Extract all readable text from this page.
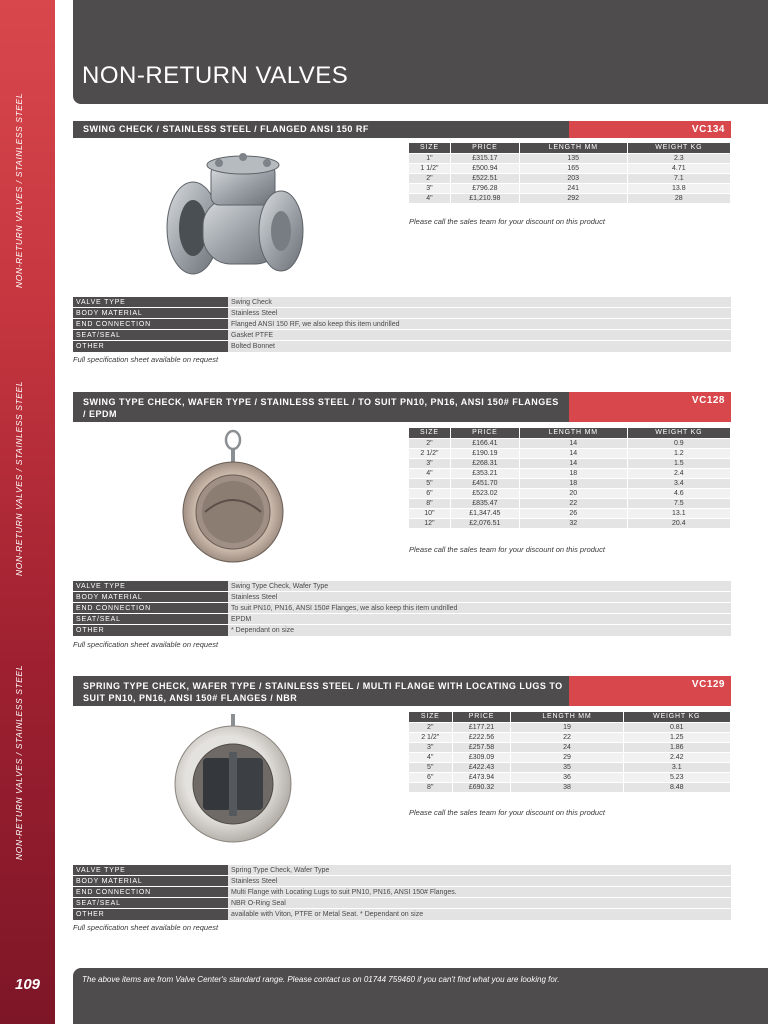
NON-RETURN VALVES / STAINLESS STEEL
NON-RETURN VALVES / STAINLESS STEEL
NON-RETURN VALVES / STAINLESS STEEL
109
NON-RETURN VALVES
SWING CHECK / STAINLESS STEEL / FLANGED ANSI 150 RF	VC134
SIZE	PRICE	LENGTH MM	WEIGHT KG
1"	£315.17	135	2.3
1 1/2"	£500.94	165	4.71
2"	£522.51	203	7.1
3"	£796.28	241	13.8
4"	£1,210.98	292	28
Please call the sales team for your discount on this product
VALVE TYPE	Swing Check
BODY MATERIAL	Stainless Steel
END CONNECTION	Flanged ANSI 150 RF, we also keep this item undrilled
SEAT/SEAL	Gasket PTFE
OTHER	Bolted Bonnet
Full specification sheet available on request
SWING TYPE CHECK, WAFER TYPE / STAINLESS STEEL / TO SUIT PN10, PN16, ANSI 150# FLANGES / EPDM
VC128
SIZE	PRICE	LENGTH MM	WEIGHT KG
2"	£166.41	14	0.9
2 1/2"	£190.19	14	1.2
3"	£268.31	14	1.5
4"	£353.21	18	2.4
5"	£451.70	18	3.4
6"	£523.02	20	4.6
8"	£835.47	22	7.5
10"	£1,347.45	26	13.1
12"	£2,076.51	32	20.4
Please call the sales team for your discount on this product
VALVE TYPE	Swing Type Check, Wafer Type
BODY MATERIAL	Stainless Steel
END CONNECTION	To suit PN10, PN16, ANSI 150# Flanges, we also keep this item undrilled
SEAT/SEAL	EPDM
OTHER	* Dependant on size
Full specification sheet available on request
SPRING TYPE CHECK, WAFER TYPE / STAINLESS STEEL / MULTI FLANGE WITH LOCATING LUGS TO SUIT PN10, PN16, ANSI 150# FLANGES / NBR
VC129
SIZE	PRICE	LENGTH MM	WEIGHT KG
2"	£177.21	19	0.81
2 1/2"	£222.56	22	1.25
3"	£257.58	24	1.86
4"	£309.09	29	2.42
5"	£422.43	35	3.1
6"	£473.94	36	5.23
8"	£690.32	38	8.48
Please call the sales team for your discount on this product
VALVE TYPE	Spring Type Check, Wafer Type
BODY MATERIAL	Stainless Steel
END CONNECTION	Multi Flange with Locating Lugs to suit PN10, PN16, ANSI 150# Flanges.
SEAT/SEAL	NBR O-Ring Seal
OTHER	available with Viton, PTFE or Metal Seat. * Dependant on size
Full specification sheet available on request
The above items are from Valve Center's standard range. Please contact us on 01744 759460 if you can't find what you are looking for.
